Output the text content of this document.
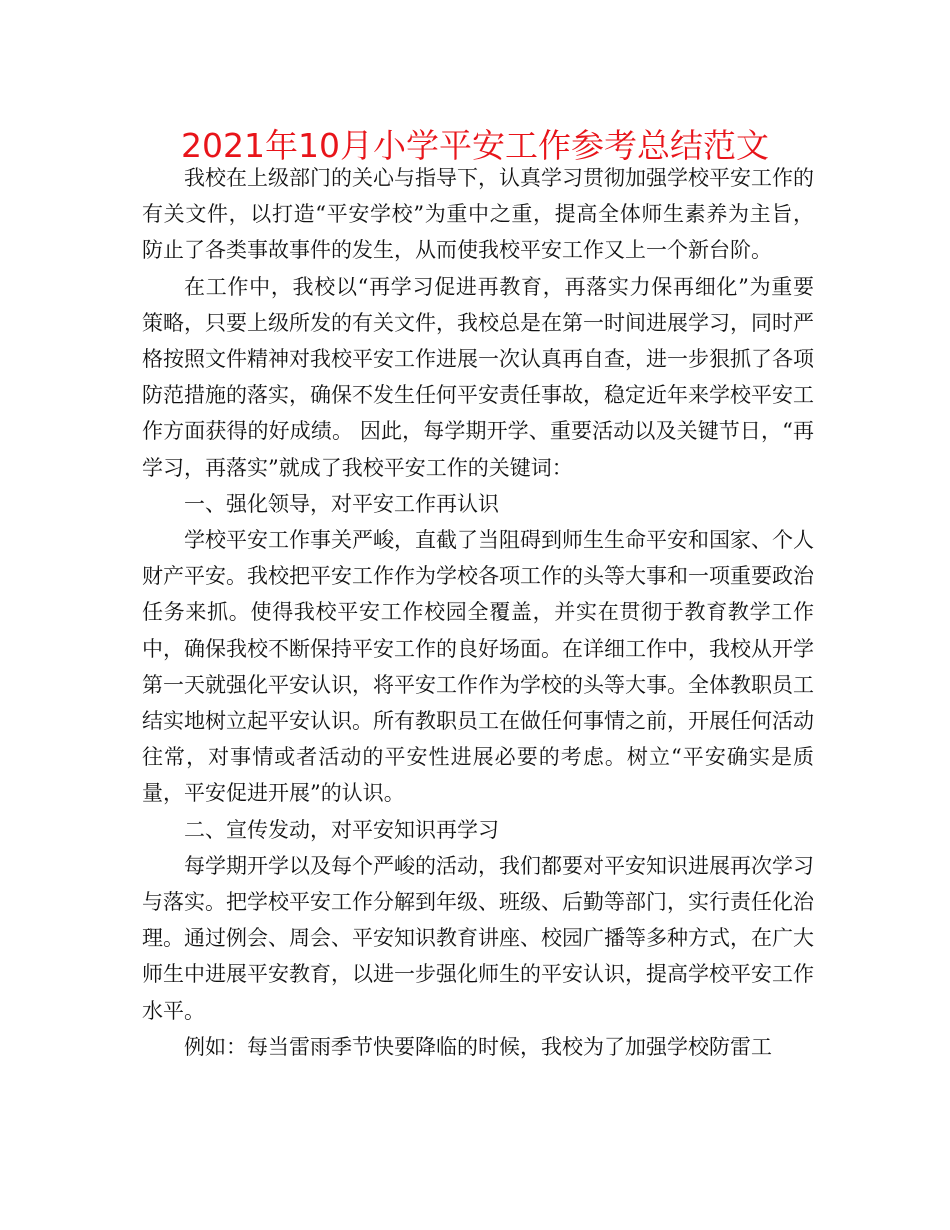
2021年10月小学平安工作参考总结范文

我校在上级部门的关心与指导下，认真学习贯彻加强学校平安工作的有关文件，以打造“平安学校”为重中之重，提高全体师生素养为主旨，防止了各类事故事件的发生，从而使我校平安工作又上一个新台阶。

在工作中，我校以“再学习促进再教育，再落实力保再细化”为重要策略，只要上级所发的有关文件，我校总是在第一时间进展学习，同时严格按照文件精神对我校平安工作进展一次认真再自查，进一步狠抓了各项防范措施的落实，确保不发生任何平安责任事故，稳定近年来学校平安工作方面获得的好成绩。 因此，每学期开学、重要活动以及关键节日，“再学习，再落实”就成了我校平安工作的关键词：

一、强化领导，对平安工作再认识

学校平安工作事关严峻，直截了当阻碍到师生生命平安和国家、个人财产平安。我校把平安工作作为学校各项工作的头等大事和一项重要政治任务来抓。使得我校平安工作校园全覆盖，并实在贯彻于教育教学工作中，确保我校不断保持平安工作的良好场面。在详细工作中，我校从开学第一天就强化平安认识，将平安工作作为学校的头等大事。全体教职员工结实地树立起平安认识。所有教职员工在做任何事情之前，开展任何活动往常，对事情或者活动的平安性进展必要的考虑。树立“平安确实是质量，平安促进开展”的认识。

二、宣传发动，对平安知识再学习

每学期开学以及每个严峻的活动，我们都要对平安知识进展再次学习与落实。把学校平安工作分解到年级、班级、后勤等部门，实行责任化治理。通过例会、周会、平安知识教育讲座、校园广播等多种方式，在广大师生中进展平安教育，以进一步强化师生的平安认识，提高学校平安工作水平。

例如：每当雷雨季节快要降临的时候，我校为了加强学校防雷工
